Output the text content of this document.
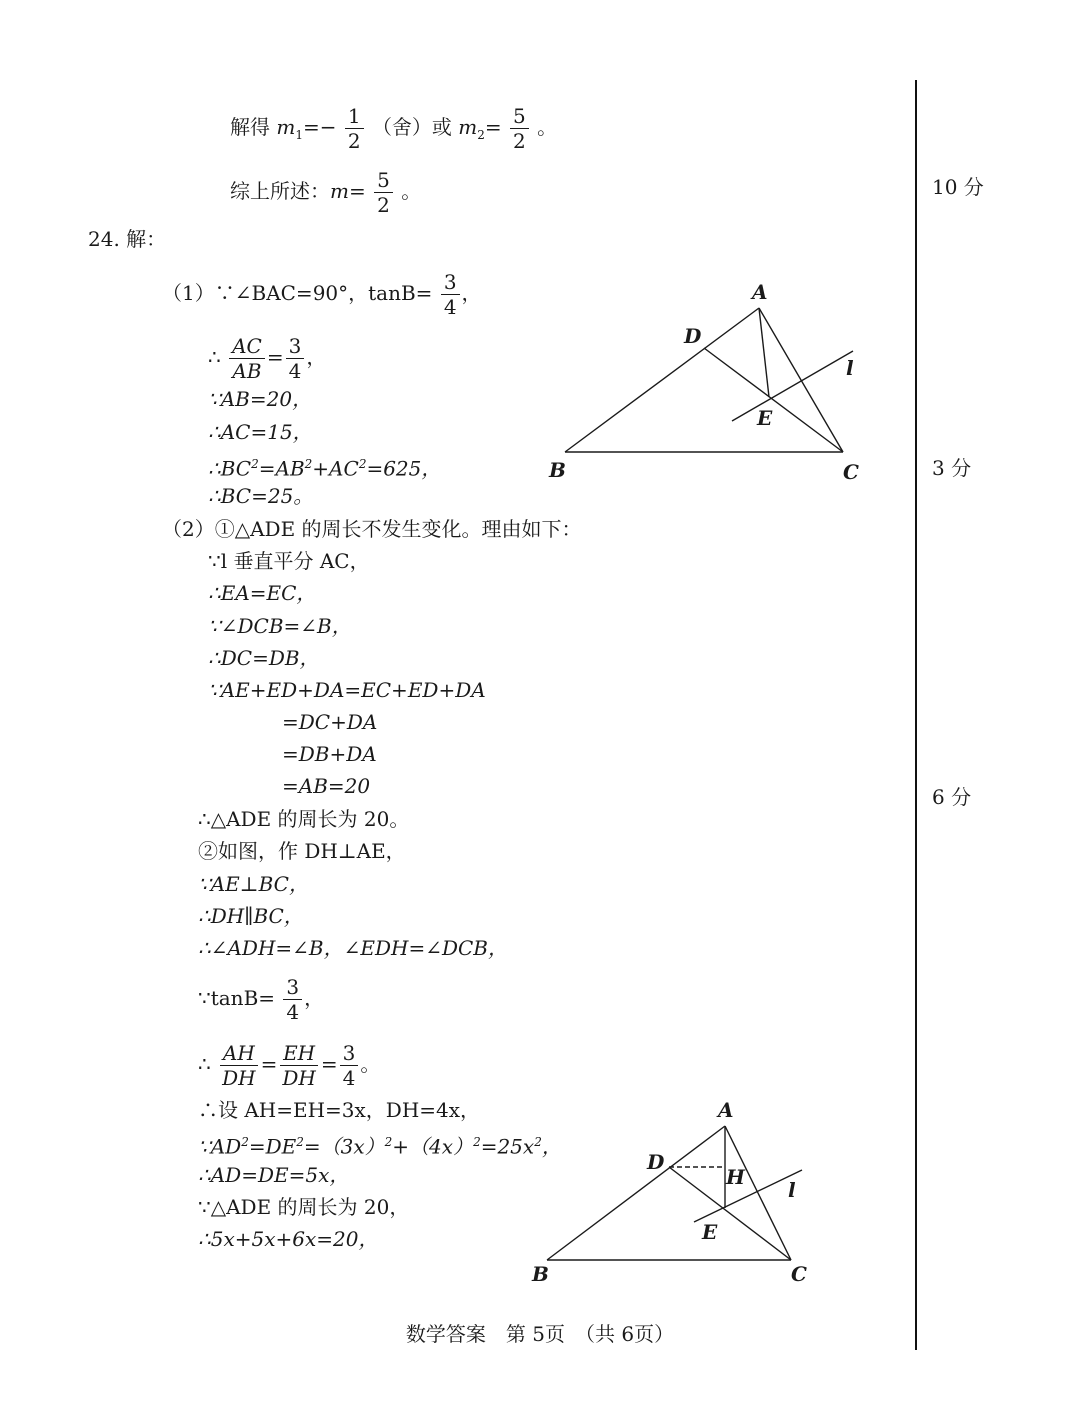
解得 $m_1=- \frac{1}{2}$ （舍）或 $m_2= \frac{5}{2}$ 。
综上所述：$m= \frac{5}{2}$ 。
24. 解：
（1）∵∠BAC=90°，$\tan B= \frac{3}{4}$ ，
∴ $\frac{AC}{AB} = \frac{3}{4}$ ，
∵AB=20，
∴AC=15，
$\therefore BC^2=AB^2+AC^2=625$，
∴BC=25。
（2）①△ADE 的周长不发生变化。理由如下：
∵l 垂直平分 AC，
∴EA=EC，
∵∠DCB=∠B，
∴DC=DB，
∵AE+ED+DA=EC+ED+DA
=DC+DA
=DB+DA
=AB=20
∴△ADE 的周长为 20。
②如图，作 DH⊥AE，
∵AE⊥BC，
∴DH∥BC，
∴∠ADH=∠B，∠EDH=∠DCB，
∵tanB= $\frac{3}{4}$ ，
∴ $\frac{AH}{DH} = \frac{EH}{DH} = \frac{3}{4}$ 。
∴设 AH=EH=3x，DH=4x，
$\because AD^2=DE^2=(3x)^2+(4x)^2=25x^2$，
∴AD=DE=5x，
∵△ADE 的周长为 20，
∴5x+5x+6x=20，
10 分
3 分
6 分
A
D
l
E
B	C
A
D
H
l
E
B	C
数学答案　第 5页　（共 6页）
